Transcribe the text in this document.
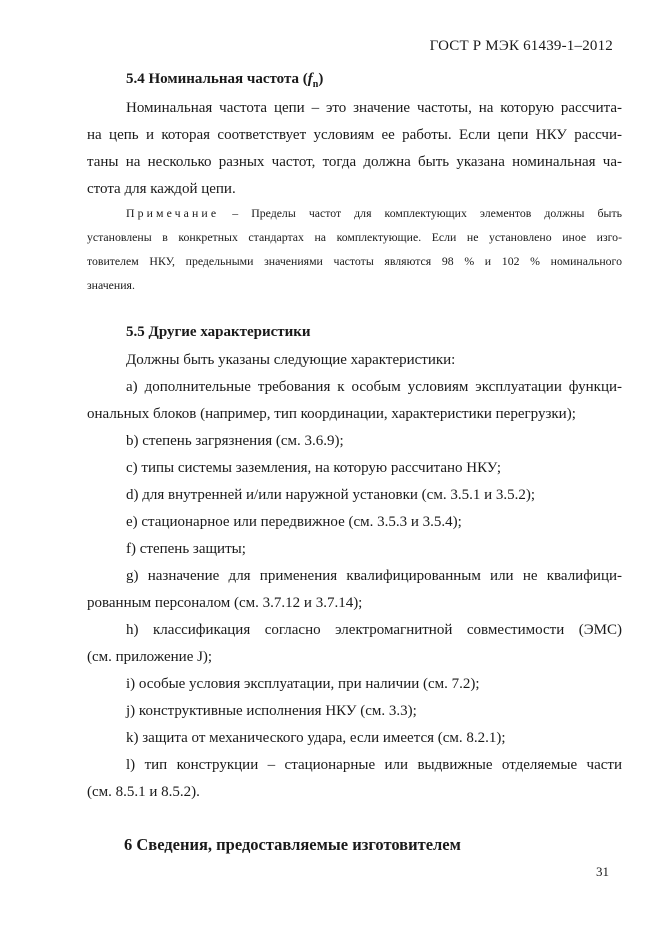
ГОСТ Р МЭК 61439-1–2012
5.4 Номинальная частота $(f_n)$
Номинальная частота цепи – это значение частоты, на которую рассчита-
на цепь и которая соответствует условиям ее работы. Если цепи НКУ рассчи-
таны на несколько разных частот, тогда должна быть указана номинальная ча-
стота для каждой цепи.
Примечание – Пределы частот для комплектующих элементов должны быть
установлены в конкретных стандартах на комплектующие. Если не установлено иное изго-
товителем НКУ, предельными значениями частоты являются 98 % и 102 % номинального
значения.
5.5 Другие характеристики
Должны быть указаны следующие характеристики:
a) дополнительные требования к особым условиям эксплуатации функци-
ональных блоков (например, тип координации, характеристики перегрузки);
b) степень загрязнения (см. 3.6.9);
c) типы системы заземления, на которую рассчитано НКУ;
d) для внутренней и/или наружной установки (см. 3.5.1 и 3.5.2);
e) стационарное или передвижное (см. 3.5.3 и 3.5.4);
f) степень защиты;
g) назначение для применения квалифицированным или не квалифици-
рованным персоналом (см. 3.7.12 и 3.7.14);
h) классификация согласно электромагнитной совместимости (ЭМС)
(см. приложение J);
i) особые условия эксплуатации, при наличии (см. 7.2);
j) конструктивные исполнения НКУ (см. 3.3);
k) защита от механического удара, если имеется (см. 8.2.1);
l) тип конструкции – стационарные или выдвижные отделяемые части
(см. 8.5.1 и 8.5.2).
6 Сведения, предоставляемые изготовителем
31
